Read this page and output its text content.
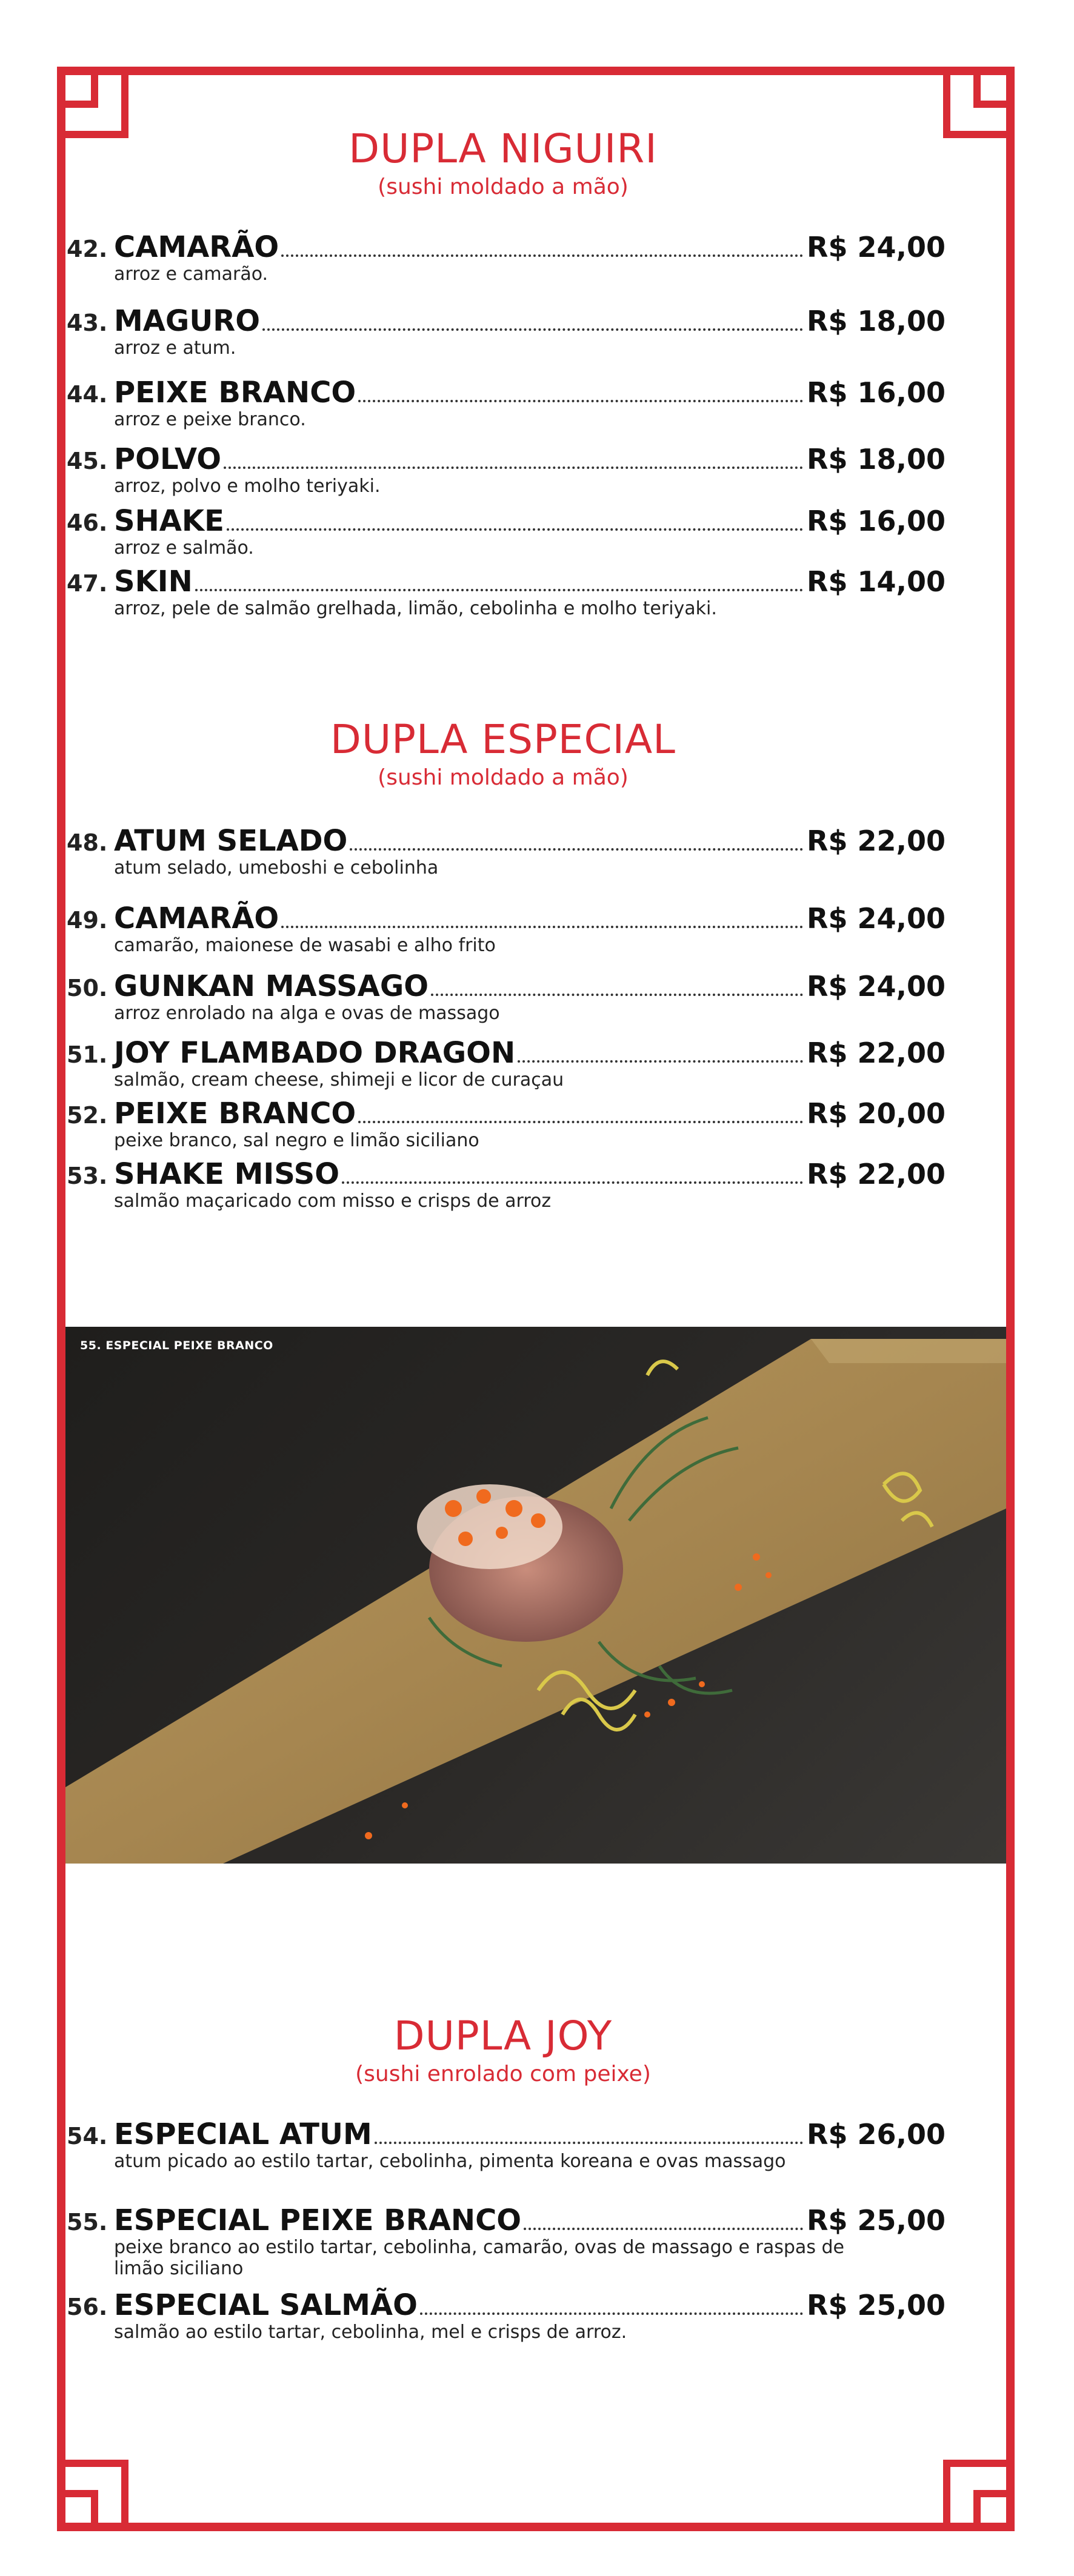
DUPLA NIGUIRI

(sushi moldado a mão)

42. CAMARÃO	R$ 24,00
arroz e camarão.
43. MAGURO	R$ 18,00
arroz e atum.
44. PEIXE BRANCO	R$ 16,00
arroz e peixe branco.
45. POLVO	R$ 18,00
arroz, polvo e molho teriyaki.
46. SHAKE	R$ 16,00
arroz e salmão.
47. SKIN	R$ 14,00
arroz, pele de salmão grelhada, limão, cebolinha e molho teriyaki.
DUPLA ESPECIAL

(sushi moldado a mão)

48. ATUM SELADO	R$ 22,00
atum selado, umeboshi e cebolinha
49. CAMARÃO	R$ 24,00
camarão, maionese de wasabi e alho frito
50. GUNKAN MASSAGO	R$ 24,00
arroz enrolado na alga e ovas de massago
51. JOY FLAMBADO DRAGON	R$ 22,00
salmão, cream cheese, shimeji e licor de curaçau
52. PEIXE BRANCO	R$ 20,00
peixe branco, sal negro e limão siciliano
53. SHAKE MISSO	R$ 22,00
salmão maçaricado com misso e crisps de arroz
55. ESPECIAL PEIXE BRANCO
DUPLA JOY

(sushi enrolado com peixe)

54. ESPECIAL ATUM	R$ 26,00
atum picado ao estilo tartar, cebolinha, pimenta koreana e ovas massago
55. ESPECIAL PEIXE BRANCO	R$ 25,00
peixe branco ao estilo tartar, cebolinha, camarão, ovas de massago e raspas de limão siciliano
56. ESPECIAL SALMÃO	R$ 25,00
salmão ao estilo tartar, cebolinha, mel e crisps de arroz.
